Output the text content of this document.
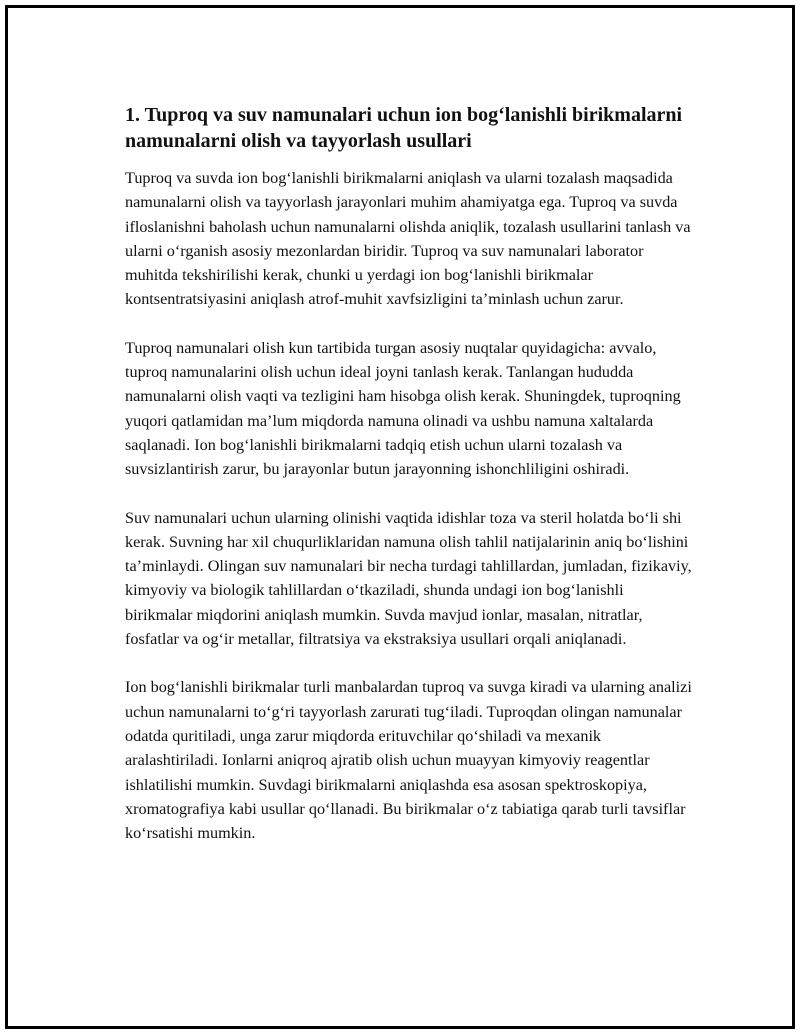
1. Tuproq va suv namunalari uchun ion bog‘lanishli birikmalarni namunalarni olish va tayyorlash usullari

Tuproq va suvda ion bog‘lanishli birikmalarni aniqlash va ularni tozalash maqsadida namunalarni olish va tayyorlash jarayonlari muhim ahamiyatga ega. Tuproq va suvda ifloslanishni baholash uchun namunalarni olishda aniqlik, tozalash usullarini tanlash va ularni o‘rganish asosiy mezonlardan biridir. Tuproq va suv namunalari laborator muhitda tekshirilishi kerak, chunki u yerdagi ion bog‘lanishli birikmalar kontsentratsiyasini aniqlash atrof-muhit xavfsizligini ta’minlash uchun zarur.

Tuproq namunalari olish kun tartibida turgan asosiy nuqtalar quyidagicha: avvalo, tuproq namunalarini olish uchun ideal joyni tanlash kerak. Tanlangan hududda namunalarni olish vaqti va tezligini ham hisobga olish kerak. Shuningdek, tuproqning yuqori qatlamidan ma’lum miqdorda namuna olinadi va ushbu namuna xaltalarda saqlanadi. Ion bog‘lanishli birikmalarni tadqiq etish uchun ularni tozalash va suvsizlantirish zarur, bu jarayonlar butun jarayonning ishonchliligini oshiradi.

Suv namunalari uchun ularning olinishi vaqtida idishlar toza va steril holatda bo‘li shi kerak. Suvning har xil chuqurliklaridan namuna olish tahlil natijalarinin aniq bo‘lishini ta’minlaydi. Olingan suv namunalari bir necha turdagi tahlillardan, jumladan, fizikaviy, kimyoviy va biologik tahlillardan o‘tkaziladi, shunda undagi ion bog‘lanishli birikmalar miqdorini aniqlash mumkin. Suvda mavjud ionlar, masalan, nitratlar, fosfatlar va og‘ir metallar, filtratsiya va ekstraksiya usullari orqali aniqlanadi.

Ion bog‘lanishli birikmalar turli manbalardan tuproq va suvga kiradi va ularning analizi uchun namunalarni to‘g‘ri tayyorlash zarurati tug‘iladi. Tuproqdan olingan namunalar odatda quritiladi, unga zarur miqdorda erituvchilar qo‘shiladi va mexanik aralashtiriladi. Ionlarni aniqroq ajratib olish uchun muayyan kimyoviy reagentlar ishlatilishi mumkin. Suvdagi birikmalarni aniqlashda esa asosan spektroskopiya, xromatografiya kabi usullar qo‘llanadi. Bu birikmalar o‘z tabiatiga qarab turli tavsiflar ko‘rsatishi mumkin.
